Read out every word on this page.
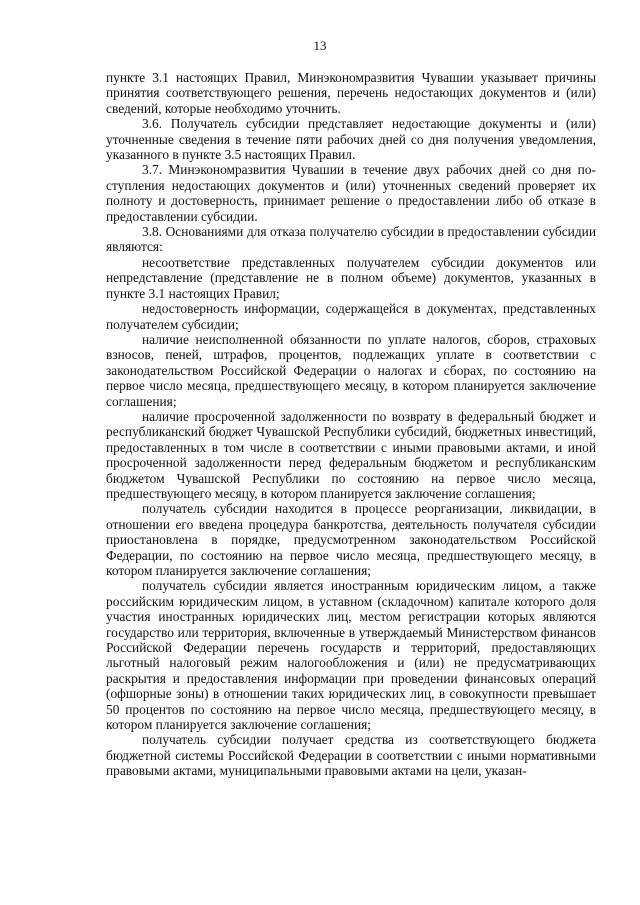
13

пункте 3.1 настоящих Правил, Минэкономразвития Чувашии указывает причины принятия соответствующего решения, перечень недостающих документов и (или) сведений, которые необходимо уточнить.

3.6. Получатель субсидии представляет недостающие документы и (или) уточненные сведения в течение пяти рабочих дней со дня получения уведомления, указанного в пункте 3.5 настоящих Правил.

3.7. Минэкономразвития Чувашии в течение двух рабочих дней со дня поступления недостающих документов и (или) уточненных сведений проверяет их полноту и достоверность, принимает решение о предоставлении либо об отказе в предоставлении субсидии.

3.8. Основаниями для отказа получателю субсидии в предоставлении субсидии являются:

несоответствие представленных получателем субсидии документов или непредставление (представление не в полном объеме) документов, указанных в пункте 3.1 настоящих Правил;

недостоверность информации, содержащейся в документах, представленных получателем субсидии;

наличие неисполненной обязанности по уплате налогов, сборов, страховых взносов, пеней, штрафов, процентов, подлежащих уплате в соответствии с законодательством Российской Федерации о налогах и сборах, по состоянию на первое число месяца, предшествующего месяцу, в котором планируется заключение соглашения;

наличие просроченной задолженности по возврату в федеральный бюджет и республиканский бюджет Чувашской Республики субсидий, бюджетных инвестиций, предоставленных в том числе в соответствии с иными правовыми актами, и иной просроченной задолженности перед федеральным бюджетом и республиканским бюджетом Чувашской Республики по состоянию на первое число месяца, предшествующего месяцу, в котором планируется заключение соглашения;

получатель субсидии находится в процессе реорганизации, ликвидации, в отношении его введена процедура банкротства, деятельность получателя субсидии приостановлена в порядке, предусмотренном законодательством Российской Федерации, по состоянию на первое число месяца, предшествующего месяцу, в котором планируется заключение соглашения;

получатель субсидии является иностранным юридическим лицом, а также российским юридическим лицом, в уставном (складочном) капитале которого доля участия иностранных юридических лиц, местом регистрации которых являются государство или территория, включенные в утверждаемый Министерством финансов Российской Федерации перечень государств и территорий, предоставляющих льготный налоговый режим налогообложения и (или) не предусматривающих раскрытия и предоставления информации при проведении финансовых операций (офшорные зоны) в отношении таких юридических лиц, в совокупности превышает 50 процентов по состоянию на первое число месяца, предшествующего месяцу, в котором планируется заключение соглашения;

получатель субсидии получает средства из соответствующего бюджета бюджетной системы Российской Федерации в соответствии с иными нормативными правовыми актами, муниципальными правовыми актами на цели, указан-
